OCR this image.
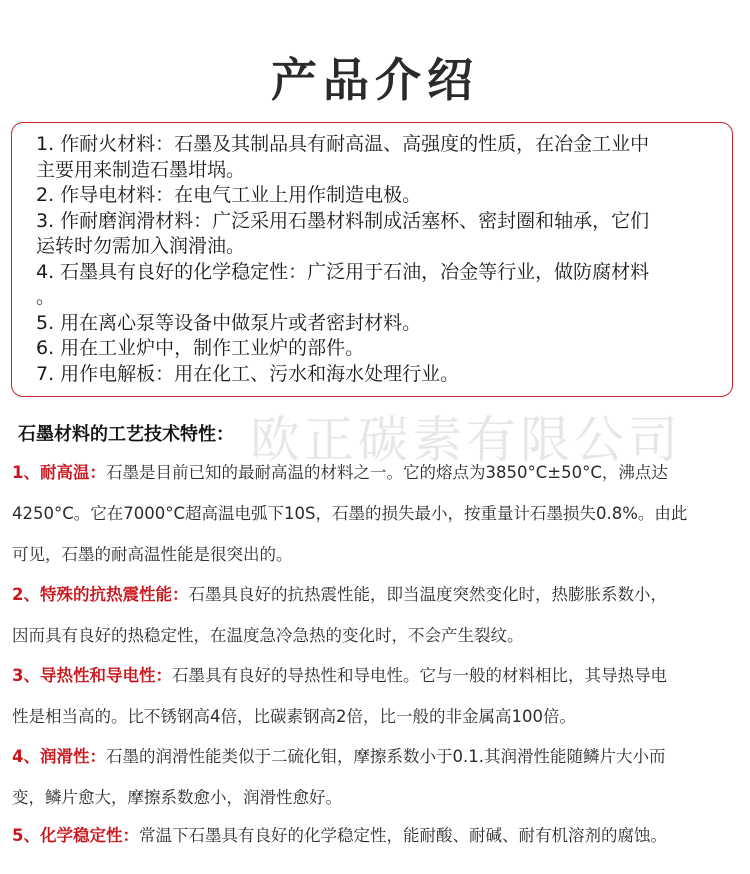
产品介绍
1. 作耐火材料：石墨及其制品具有耐高温、高强度的性质，在冶金工业中
主要用来制造石墨坩埚。
2. 作导电材料：在电气工业上用作制造电极。
3. 作耐磨润滑材料：广泛采用石墨材料制成活塞杯、密封圈和轴承，它们
运转时勿需加入润滑油。
4. 石墨具有良好的化学稳定性：广泛用于石油，冶金等行业，做防腐材料
。
5. 用在离心泵等设备中做泵片或者密封材料。
6. 用在工业炉中，制作工业炉的部件。
7. 用作电解板：用在化工、污水和海水处理行业。
欧正碳素有限公司
石墨材料的工艺技术特性：
1、耐高温：石墨是目前已知的最耐高温的材料之一。它的熔点为3850°C±50°C，沸点达
4250°C。它在7000°C超高温电弧下10S，石墨的损失最小，按重量计石墨损失0.8%。由此
可见，石墨的耐高温性能是很突出的。
2、特殊的抗热震性能：石墨具良好的抗热震性能，即当温度突然变化时，热膨胀系数小，
因而具有良好的热稳定性，在温度急冷急热的变化时，不会产生裂纹。
3、导热性和导电性：石墨具有良好的导热性和导电性。它与一般的材料相比，其导热导电
性是相当高的。比不锈钢高4倍，比碳素钢高2倍，比一般的非金属高100倍。
4、润滑性：石墨的润滑性能类似于二硫化钼，摩擦系数小于0.1.其润滑性能随鳞片大小而
变，鳞片愈大，摩擦系数愈小，润滑性愈好。
5、化学稳定性：常温下石墨具有良好的化学稳定性，能耐酸、耐碱、耐有机溶剂的腐蚀。
